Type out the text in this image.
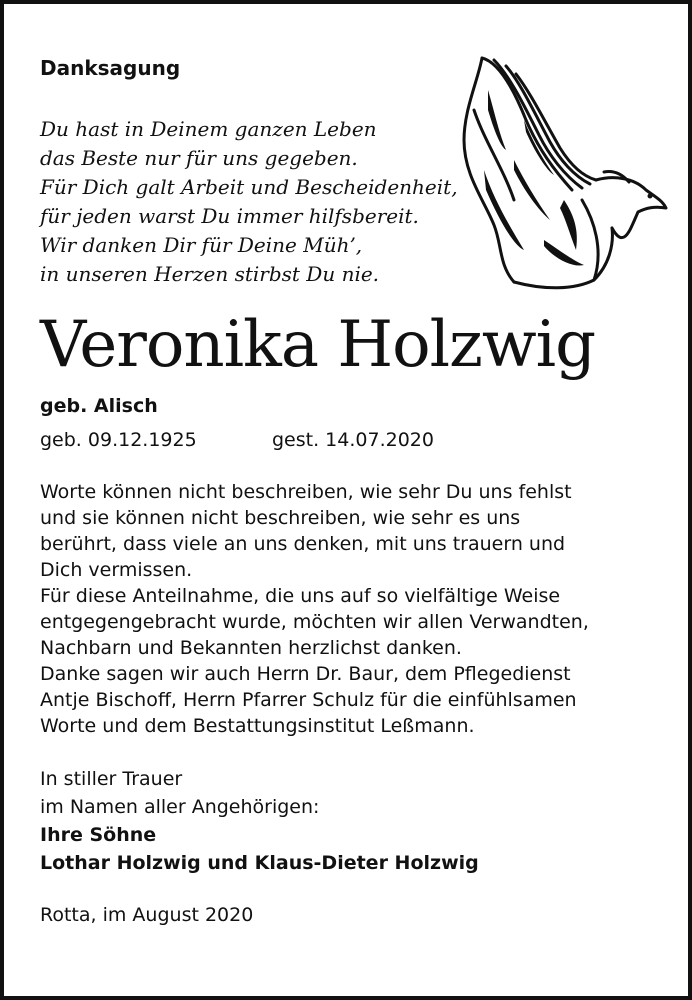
Danksagung
Du hast in Deinem ganzen Leben
das Beste nur für uns gegeben.
Für Dich galt Arbeit und Bescheidenheit,
für jeden warst Du immer hilfsbereit.
Wir danken Dir für Deine Müh’,
in unseren Herzen stirbst Du nie.
Veronika Holzwig
geb. Alisch
geb. 09.12.1925	gest. 14.07.2020
Worte können nicht beschreiben, wie sehr Du uns fehlst
und sie können nicht beschreiben, wie sehr es uns
berührt, dass viele an uns denken, mit uns trauern und
Dich vermissen.
Für diese Anteilnahme, die uns auf so vielfältige Weise
entgegengebracht wurde, möchten wir allen Verwandten,
Nachbarn und Bekannten herzlichst danken.
Danke sagen wir auch Herrn Dr. Baur, dem Pflegedienst
Antje Bischoff, Herrn Pfarrer Schulz für die einfühlsamen
Worte und dem Bestattungsinstitut Leßmann.
In stiller Trauer
im Namen aller Angehörigen:
Ihre Söhne
Lothar Holzwig und Klaus-Dieter Holzwig
Rotta, im August 2020
